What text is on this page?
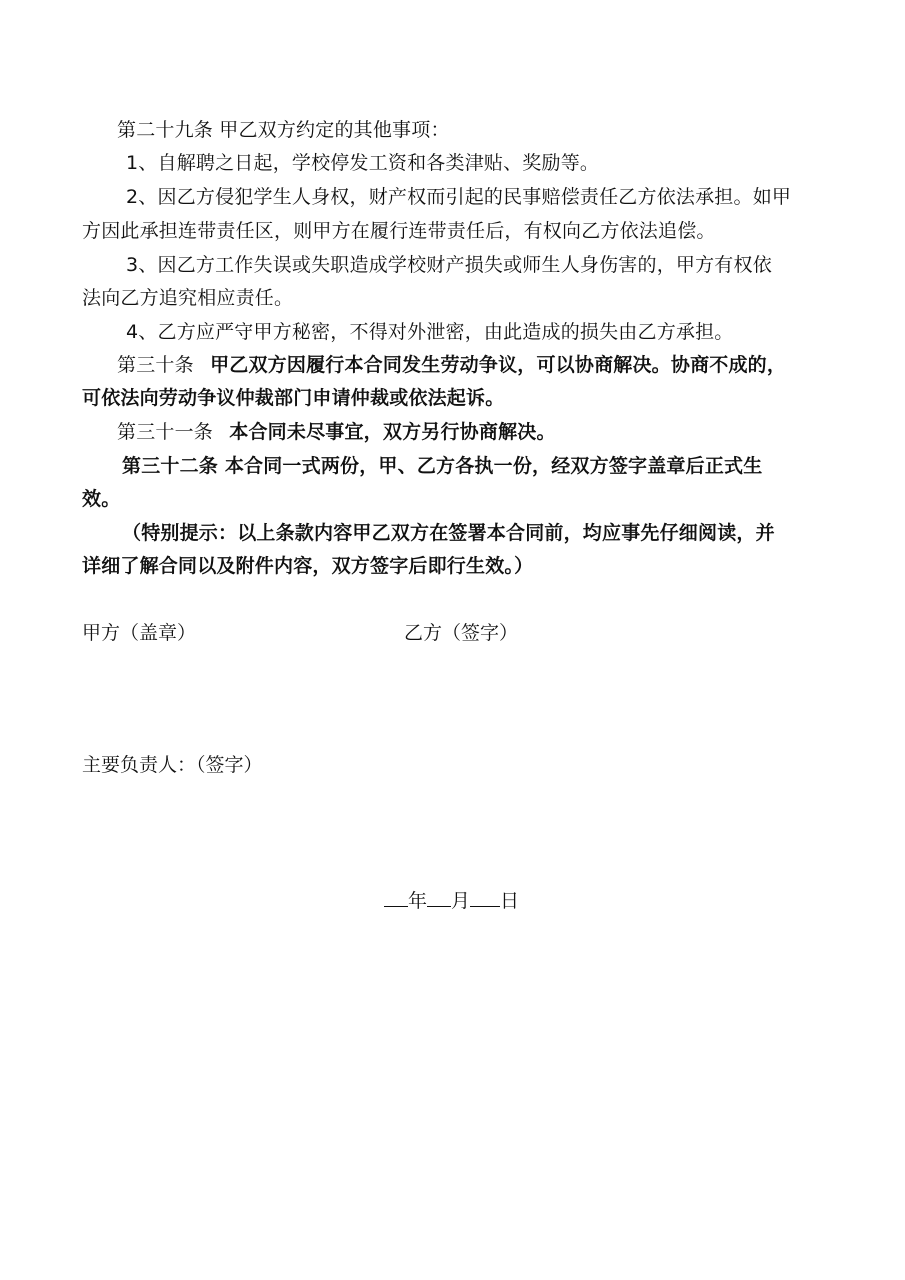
第二十九条 甲乙双方约定的其他事项：
1、自解聘之日起，学校停发工资和各类津贴、奖励等。
2、因乙方侵犯学生人身权，财产权而引起的民事赔偿责任乙方依法承担。如甲
方因此承担连带责任区，则甲方在履行连带责任后，有权向乙方依法追偿。
3、因乙方工作失误或失职造成学校财产损失或师生人身伤害的，甲方有权依
法向乙方追究相应责任。
4、乙方应严守甲方秘密，不得对外泄密，由此造成的损失由乙方承担。
第三十条 甲乙双方因履行本合同发生劳动争议，可以协商解决。协商不成的，
可依法向劳动争议仲裁部门申请仲裁或依法起诉。
第三十一条 本合同未尽事宜，双方另行协商解决。
第三十二条 本合同一式两份，甲、乙方各执一份，经双方签字盖章后正式生
效。
（特别提示：以上条款内容甲乙双方在签署本合同前，均应事先仔细阅读，并
详细了解合同以及附件内容，双方签字后即行生效。）
甲方（盖章）	乙方（签字）
主要负责人：（签字）
年 月 日
